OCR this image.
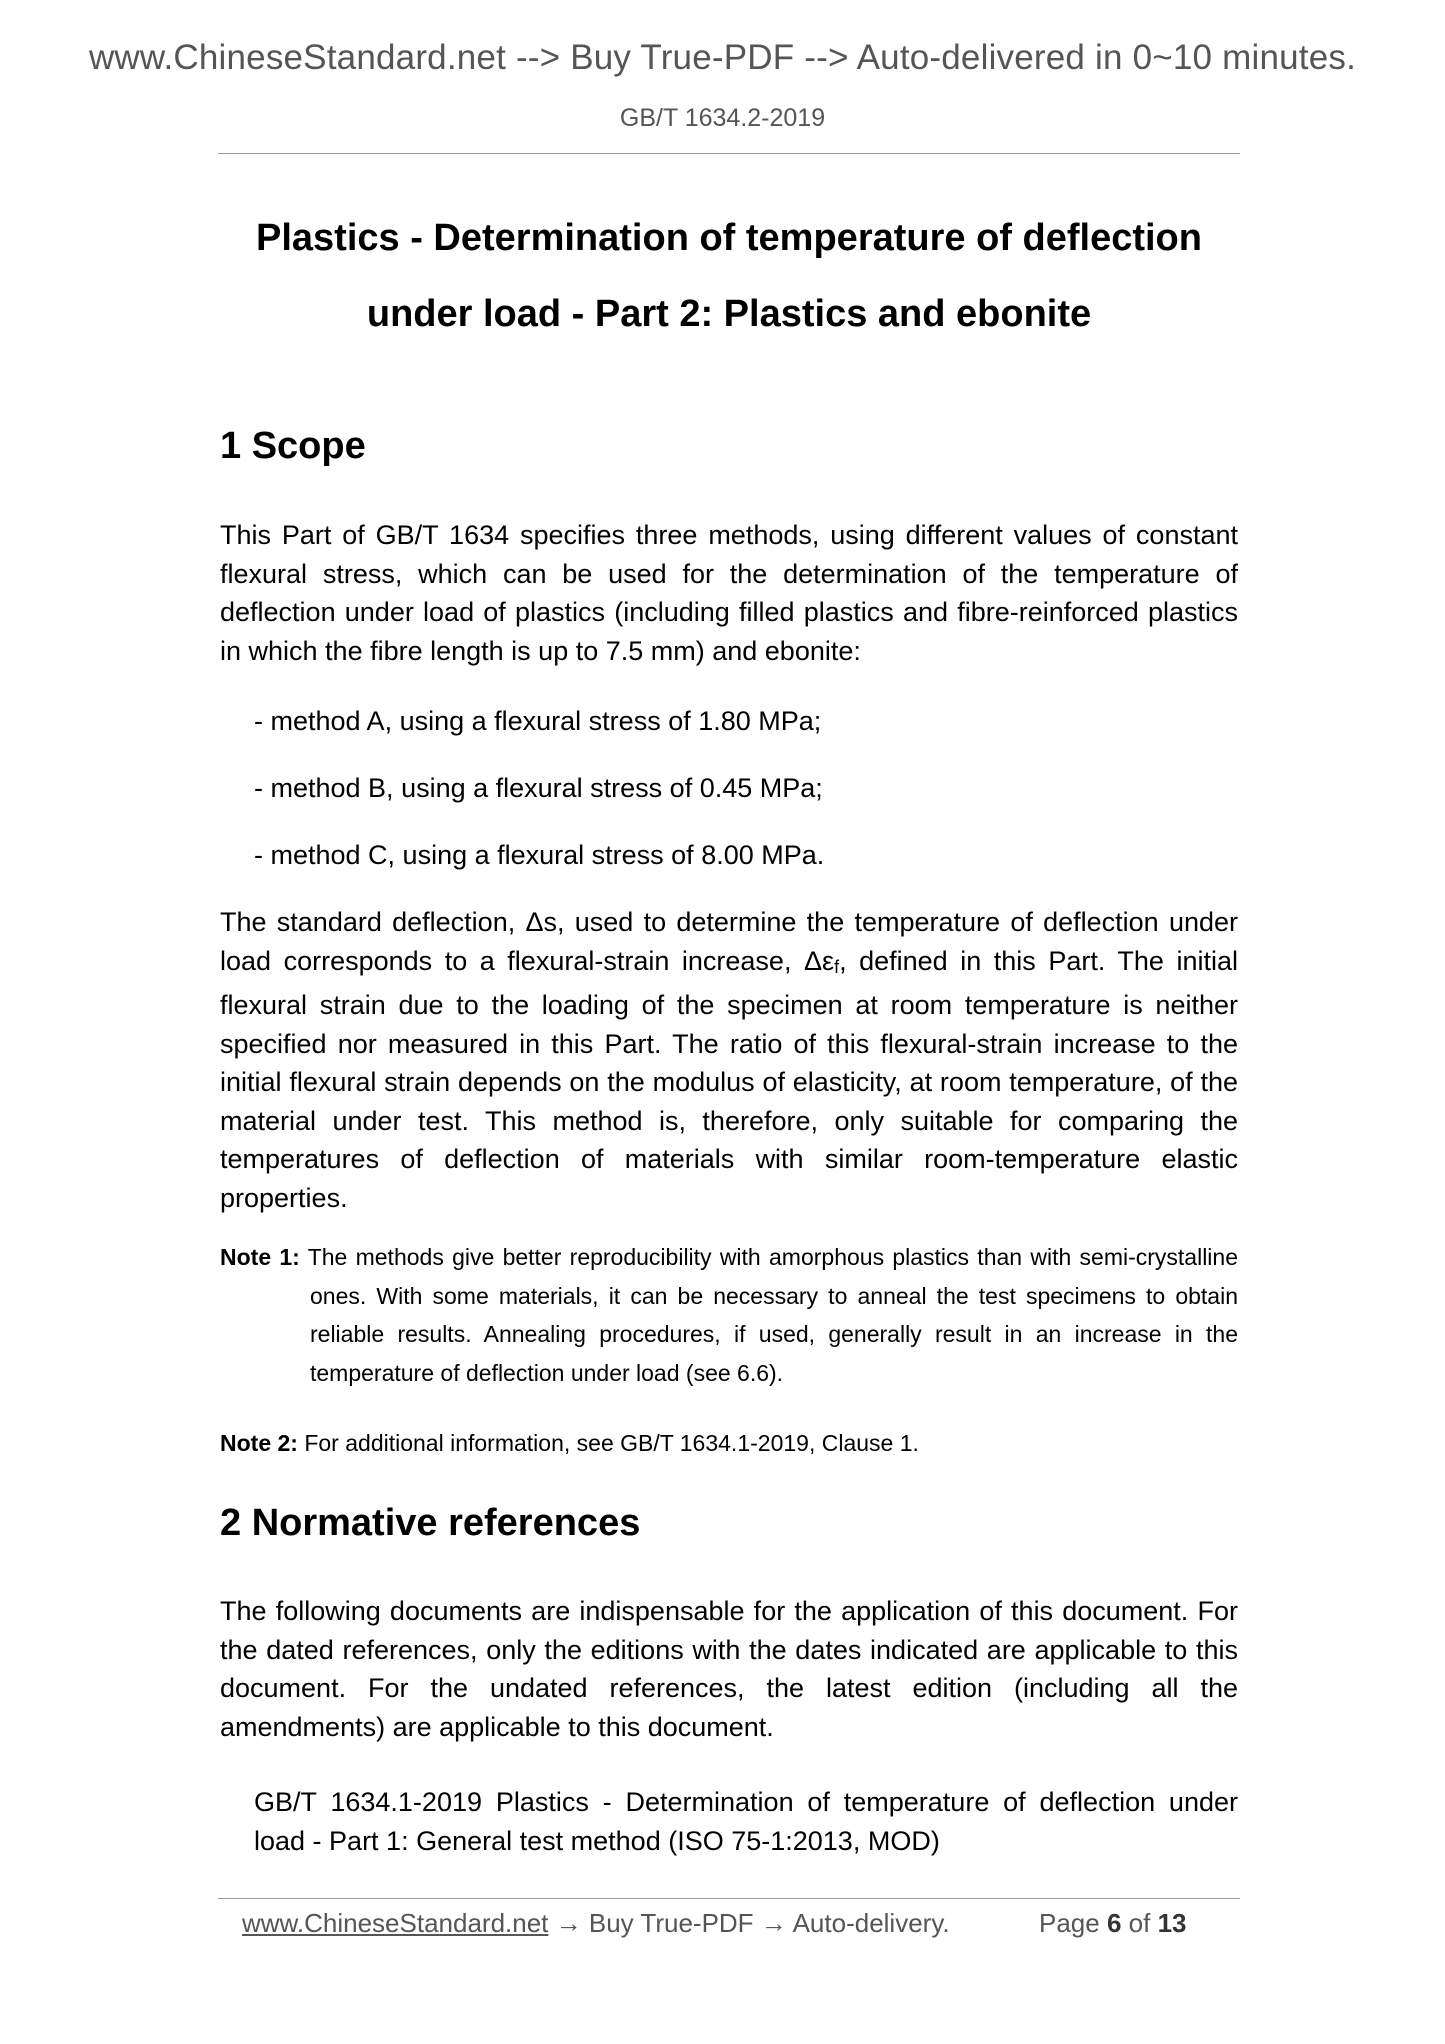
www.ChineseStandard.net --> Buy True-PDF --> Auto-delivered in 0~10 minutes.
GB/T 1634.2-2019
Plastics - Determination of temperature of deflection
under load - Part 2: Plastics and ebonite
1 Scope
This Part of GB/T 1634 specifies three methods, using different values of constant flexural stress, which can be used for the determination of the temperature of deflection under load of plastics (including filled plastics and fibre-reinforced plastics in which the fibre length is up to 7.5 mm) and ebonite:
- method A, using a flexural stress of 1.80 MPa;
- method B, using a flexural stress of 0.45 MPa;
- method C, using a flexural stress of 8.00 MPa.
The standard deflection, Δs, used to determine the temperature of deflection under load corresponds to a flexural-strain increase, $\Delta\varepsilon_f$, defined in this Part. The initial flexural strain due to the loading of the specimen at room temperature is neither specified nor measured in this Part. The ratio of this flexural-strain increase to the initial flexural strain depends on the modulus of elasticity, at room temperature, of the material under test. This method is, therefore, only suitable for comparing the temperatures of deflection of materials with similar room-temperature elastic properties.
Note 1: The methods give better reproducibility with amorphous plastics than with semi-crystalline ones. With some materials, it can be necessary to anneal the test specimens to obtain reliable results. Annealing procedures, if used, generally result in an increase in the temperature of deflection under load (see 6.6).
Note 2: For additional information, see GB/T 1634.1-2019, Clause 1.
2 Normative references
The following documents are indispensable for the application of this document. For the dated references, only the editions with the dates indicated are applicable to this document. For the undated references, the latest edition (including all the amendments) are applicable to this document.
GB/T 1634.1-2019 Plastics - Determination of temperature of deflection under load - Part 1: General test method (ISO 75-1:2013, MOD)
www.ChineseStandard.net → Buy True-PDF → Auto-delivery.	Page 6 of 13
